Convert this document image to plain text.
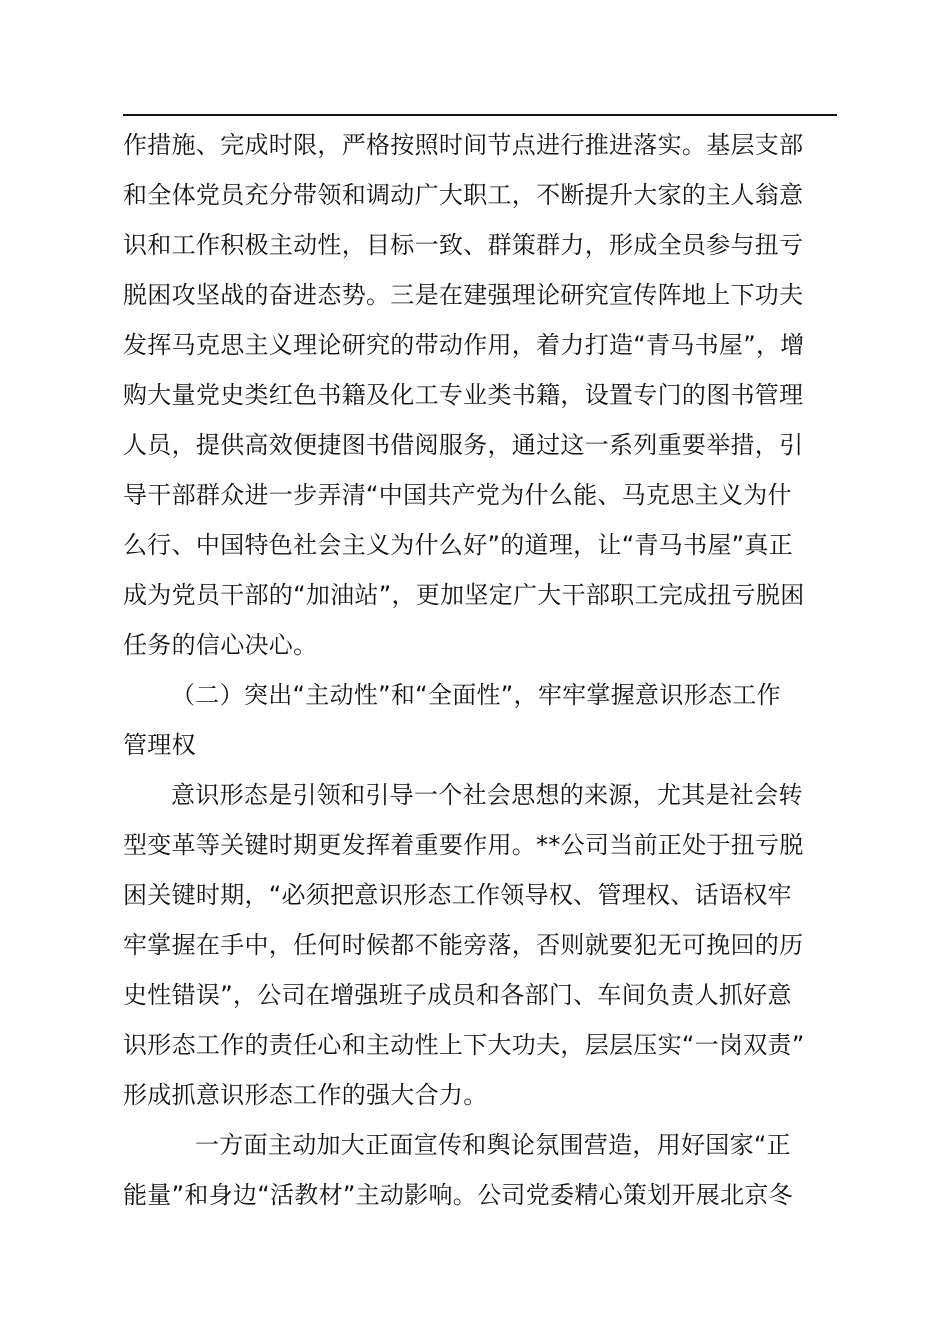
作措施、完成时限，严格按照时间节点进行推进落实。基层支部
和全体党员充分带领和调动广大职工，不断提升大家的主人翁意
识和工作积极主动性，目标一致、群策群力，形成全员参与扭亏
脱困攻坚战的奋进态势。三是在建强理论研究宣传阵地上下功夫
发挥马克思主义理论研究的带动作用，着力打造“青马书屋”，增
购大量党史类红色书籍及化工专业类书籍，设置专门的图书管理
人员，提供高效便捷图书借阅服务，通过这一系列重要举措，引
导干部群众进一步弄清“中国共产党为什么能、马克思主义为什
么行、中国特色社会主义为什么好”的道理，让“青马书屋”真正
成为党员干部的“加油站”，更加坚定广大干部职工完成扭亏脱困
任务的信心决心。
（二）突出“主动性”和“全面性”，牢牢掌握意识形态工作
管理权
意识形态是引领和引导一个社会思想的来源，尤其是社会转
型变革等关键时期更发挥着重要作用。**公司当前正处于扭亏脱
困关键时期，“必须把意识形态工作领导权、管理权、话语权牢
牢掌握在手中，任何时候都不能旁落，否则就要犯无可挽回的历
史性错误”，公司在增强班子成员和各部门、车间负责人抓好意
识形态工作的责任心和主动性上下大功夫，层层压实“一岗双责”
形成抓意识形态工作的强大合力。
一方面主动加大正面宣传和舆论氛围营造，用好国家“正
能量”和身边“活教材”主动影响。公司党委精心策划开展北京冬
